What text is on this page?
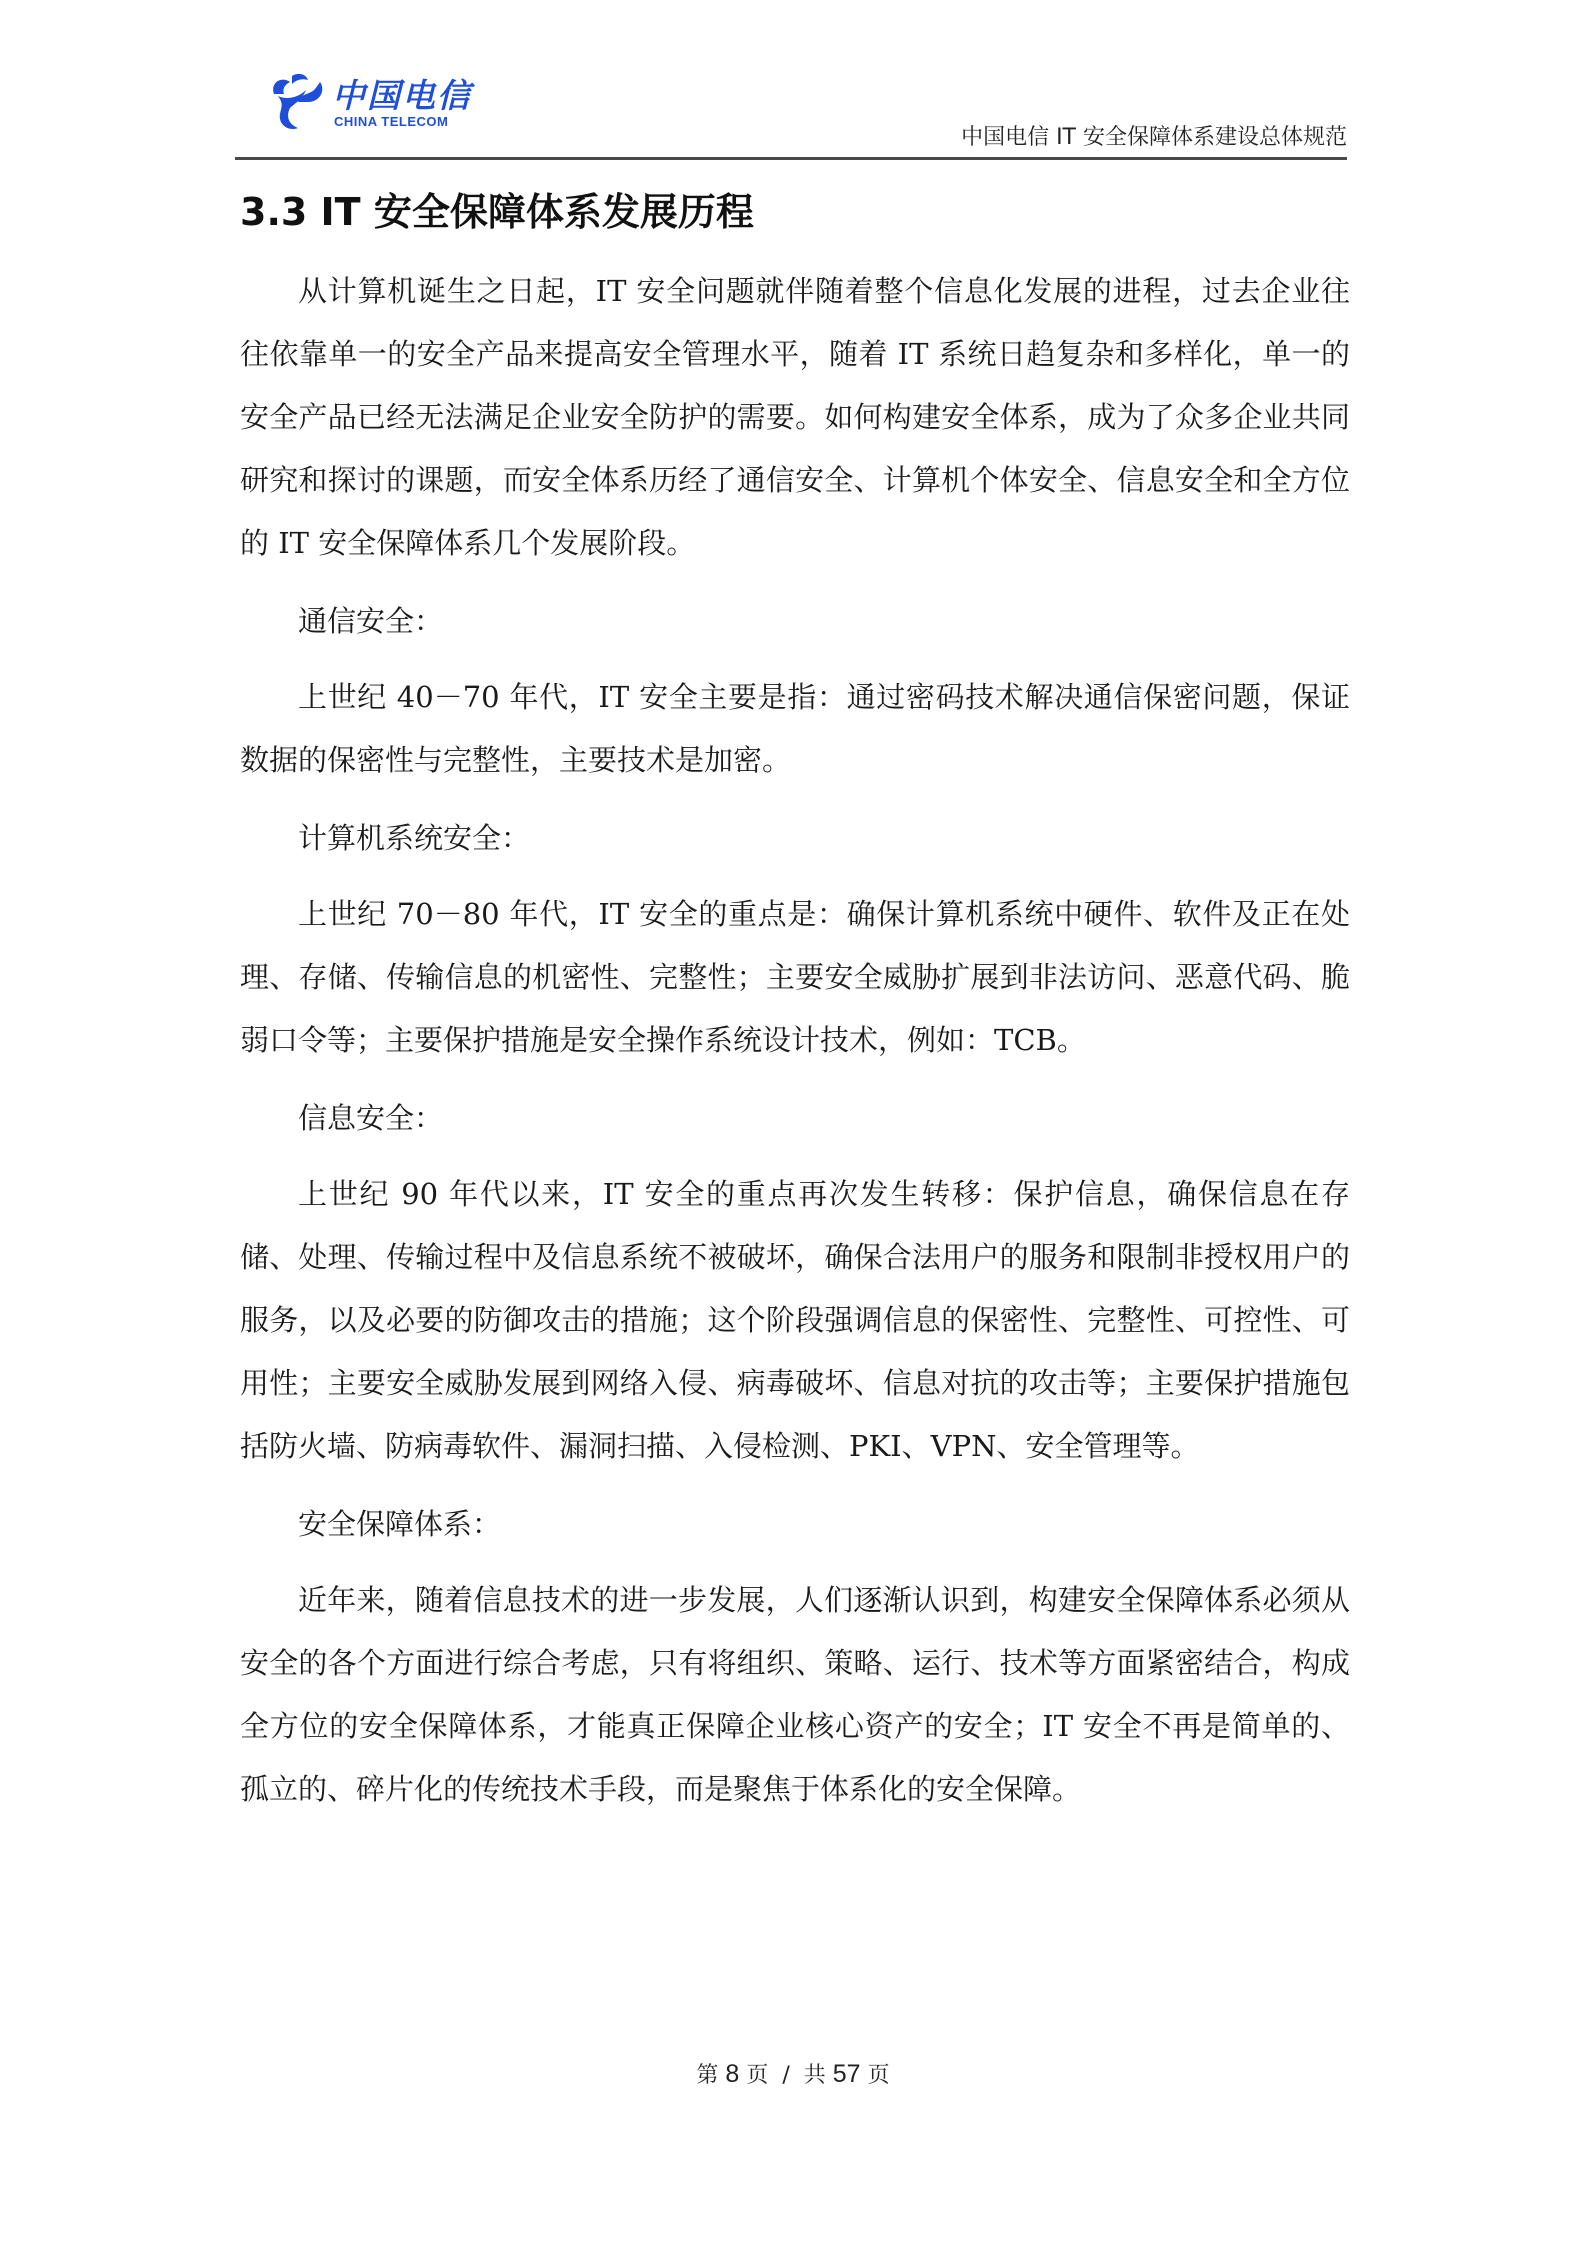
中国电信
CHINA TELECOM
中国电信 IT 安全保障体系建设总体规范
3.3 IT 安全保障体系发展历程

从计算机诞生之日起，IT 安全问题就伴随着整个信息化发展的进程，过去企业往往依靠单一的安全产品来提高安全管理水平，随着 IT 系统日趋复杂和多样化，单一的安全产品已经无法满足企业安全防护的需要。如何构建安全体系，成为了众多企业共同研究和探讨的课题，而安全体系历经了通信安全、计算机个体安全、信息安全和全方位的 IT 安全保障体系几个发展阶段。

通信安全：

上世纪 40－70 年代，IT 安全主要是指：通过密码技术解决通信保密问题，保证数据的保密性与完整性，主要技术是加密。

计算机系统安全：

上世纪 70－80 年代，IT 安全的重点是：确保计算机系统中硬件、软件及正在处理、存储、传输信息的机密性、完整性；主要安全威胁扩展到非法访问、恶意代码、脆弱口令等；主要保护措施是安全操作系统设计技术，例如：TCB。

信息安全：

上世纪 90 年代以来，IT 安全的重点再次发生转移：保护信息，确保信息在存储、处理、传输过程中及信息系统不被破坏，确保合法用户的服务和限制非授权用户的服务，以及必要的防御攻击的措施；这个阶段强调信息的保密性、完整性、可控性、可用性；主要安全威胁发展到网络入侵、病毒破坏、信息对抗的攻击等；主要保护措施包括防火墙、防病毒软件、漏洞扫描、入侵检测、PKI、VPN、安全管理等。

安全保障体系：

近年来，随着信息技术的进一步发展，人们逐渐认识到，构建安全保障体系必须从安全的各个方面进行综合考虑，只有将组织、策略、运行、技术等方面紧密结合，构成全方位的安全保障体系，才能真正保障企业核心资产的安全；IT 安全不再是简单的、孤立的、碎片化的传统技术手段，而是聚焦于体系化的安全保障。

第 8 页 / 共 57 页
